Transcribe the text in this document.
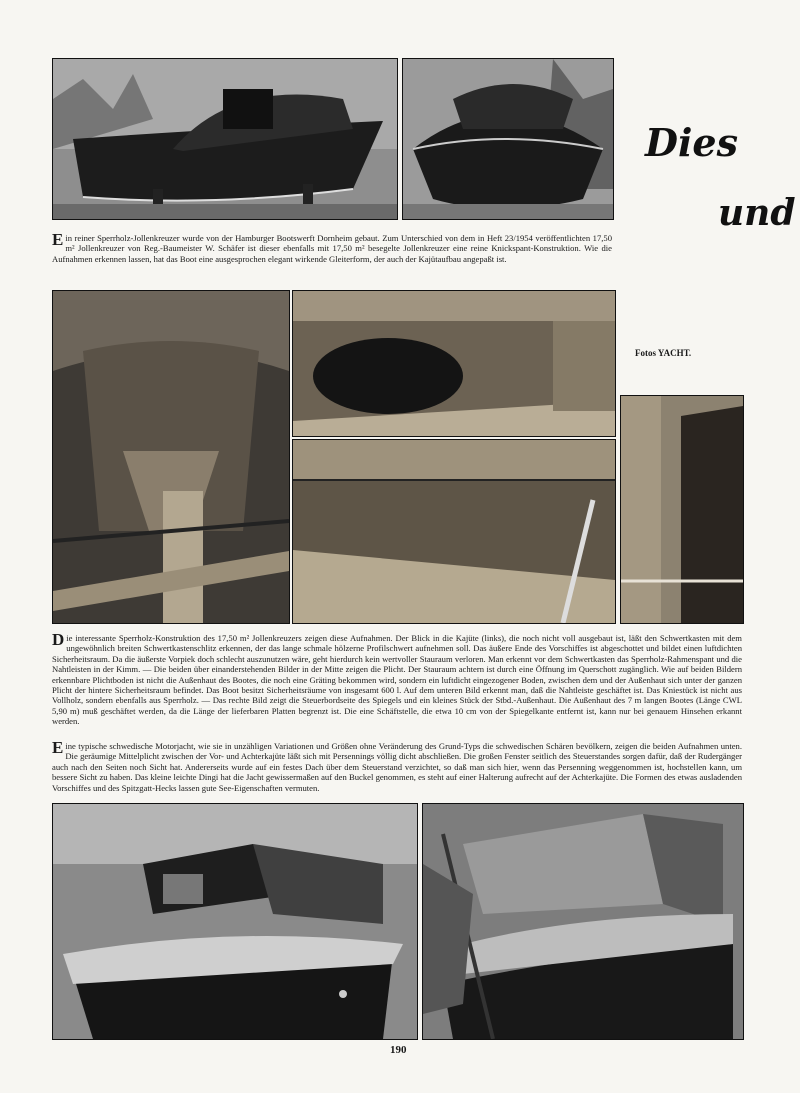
Dies
und

Ein reiner Sperrholz-Jollenkreuzer wurde von der Hamburger Bootswerft Dornheim gebaut. Zum Unterschied von dem in Heft 23/1954 veröffentlichten 17,50 m² Jollenkreuzer von Reg.-Baumeister W. Schäfer ist dieser ebenfalls mit 17,50 m² besegelte Jollenkreuzer eine reine Knickspant-Konstruktion. Wie die Aufnahmen erkennen lassen, hat das Boot eine ausgesprochen elegant wirkende Gleiterform, der auch der Kajütaufbau angepaßt ist.

Fotos YACHT.

Die interessante Sperrholz-Konstruktion des 17,50 m² Jollenkreuzers zeigen diese Aufnahmen. Der Blick in die Kajüte (links), die noch nicht voll ausgebaut ist, läßt den Schwertkasten mit dem ungewöhnlich breiten Schwertkastenschlitz erkennen, der das lange schmale hölzerne Profilschwert aufnehmen soll. Das äußere Ende des Vorschiffes ist abgeschottet und bildet einen luftdichten Sicherheitsraum. Da die äußerste Vorpiek doch schlecht auszunutzen wäre, geht hierdurch kein wertvoller Stauraum verloren. Man erkennt vor dem Schwertkasten das Sperrholz-Rahmenspant und die Nahtleisten in der Kimm. — Die beiden über einanderstehenden Bilder in der Mitte zeigen die Plicht. Der Stauraum achtern ist durch eine Öffnung im Querschott zugänglich. Wie auf beiden Bildern erkennbare Plichtboden ist nicht die Außenhaut des Bootes, die noch eine Gräting bekommen wird, sondern ein luftdicht eingezogener Boden, zwischen dem und der Außenhaut sich unter der ganzen Plicht der hintere Sicherheitsraum befindet. Das Boot besitzt Sicherheitsräume von insgesamt 600 l. Auf dem unteren Bild erkennt man, daß die Nahtleiste geschäftet ist. Das Kniestück ist nicht aus Vollholz, sondern ebenfalls aus Sperrholz. — Das rechte Bild zeigt die Steuerbordseite des Spiegels und ein kleines Stück der Stbd.-Außenhaut. Die Außenhaut des 7 m langen Bootes (Länge CWL 5,90 m) muß geschäftet werden, da die Länge der lieferbaren Platten begrenzt ist. Die eine Schäftstelle, die etwa 10 cm von der Spiegelkante entfernt ist, kann nur bei genauem Hinsehen erkannt werden.

Eine typische schwedische Motorjacht, wie sie in unzähligen Variationen und Größen ohne Veränderung des Grund-Typs die schwedischen Schären bevölkern, zeigen die beiden Aufnahmen unten. Die geräumige Mittelplicht zwischen der Vor- und Achterkajüte läßt sich mit Persennings völlig dicht abschließen. Die großen Fenster seitlich des Steuerstandes sorgen dafür, daß der Rudergänger auch nach den Seiten noch Sicht hat. Andererseits wurde auf ein festes Dach über dem Steuerstand verzichtet, so daß man sich hier, wenn das Persenning weggenommen ist, hochstellen kann, um bessere Sicht zu haben. Das kleine leichte Dingi hat die Jacht gewissermaßen auf den Buckel genommen, es steht auf einer Halterung aufrecht auf der Achterkajüte. Die Formen des etwas ausladenden Vorschiffes und des Spitzgatt-Hecks lassen gute See-Eigenschaften vermuten.

190
